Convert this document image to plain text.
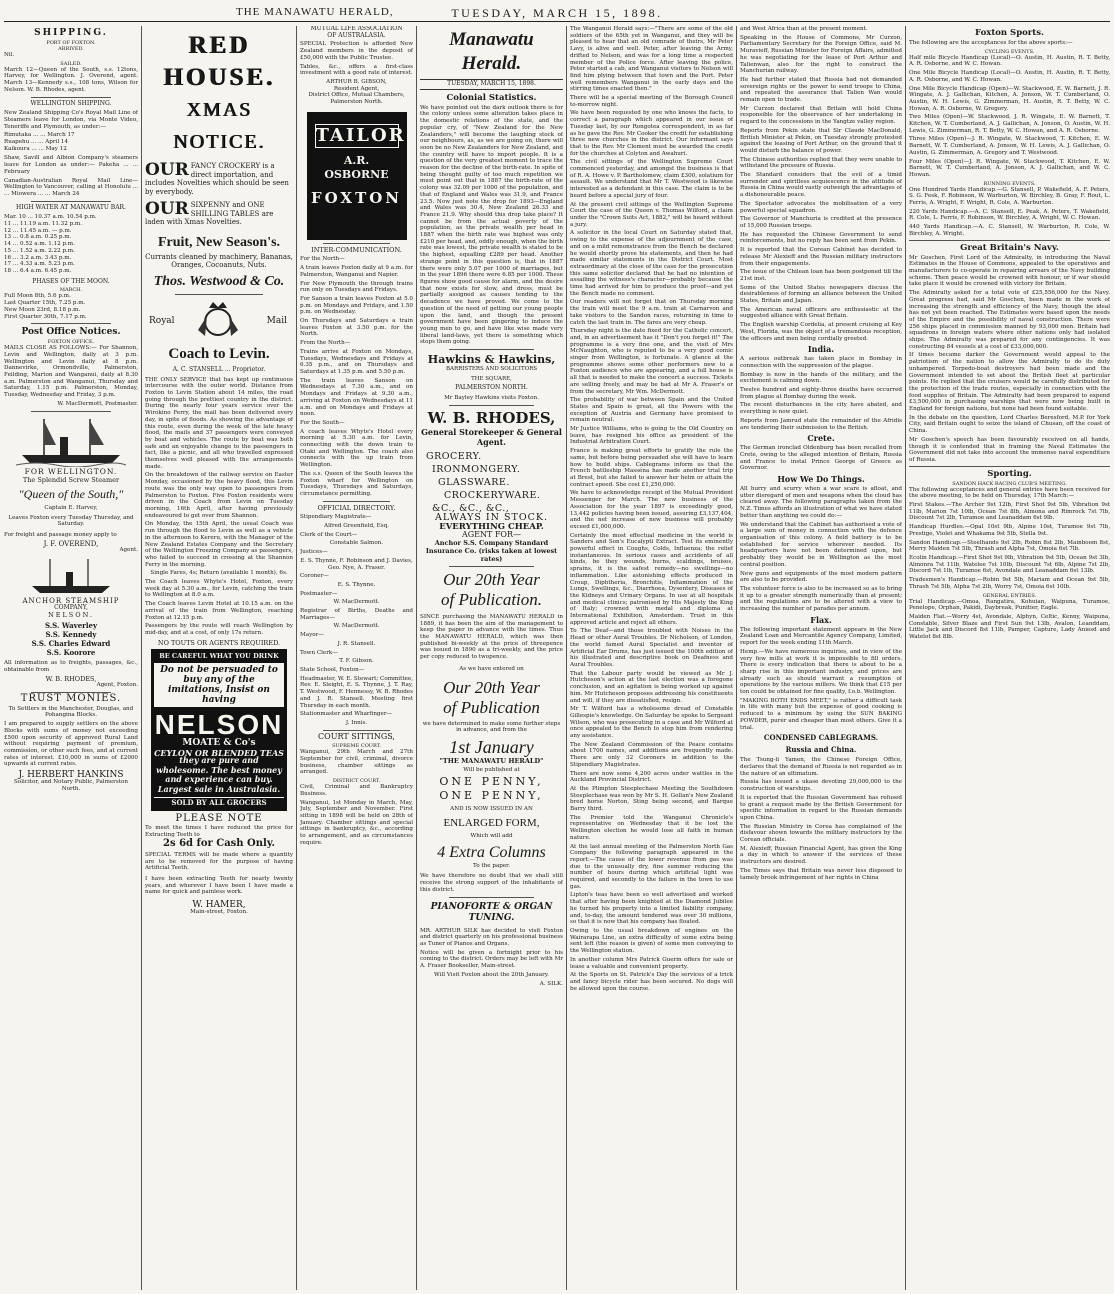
TUESDAY, MARCH 15, 1898.
THE MANAWATU HERALD,
SHIPPING.
PORT OF FOXTON.
ARRIVED.
Nil.
SAILED.
March 12—Queen of the South, s.s. 12tons, Harvey, for Wellington. J. Overend, agent. March 13—Kennedy s.s., 108 tons, Wilson for Nelson. W. B. Rhodes, agent.
WELLINGTON SHIPPING.
New Zealand Shipping Co's Royal Mail Line of Steamers leave for London, via Monte Video, Teneriffe and Plymouth, as under:—
Rimutaka ... ... March 17
Ruapehu ... ... April 14
Kaikoura ... ... May 12
Shaw, Savill and Albion Company's steamers leave for London as under:— Pakeha ... ... February
Canadian-Australian Royal Mail Line—Wellington to Vancouver, calling at Honolulu ... ... Miowera ... ... March 24
HIGH WATER AT MANAWATU BAR.
Mar. 10 ... 10.37 a.m. 10.54 p.m.
11 ... 11.19 a.m. 11.32 p.m.
12 ... 11.45 a.m. — p.m.
13 ... 0.8 a.m. 0.25 p.m.
14 ... 0.52 a.m. 1.12 p.m.
15 ... 1.52 a.m. 2.22 p.m.
16 ... 3.2 a.m. 3.43 p.m.
17 ... 4.33 a.m. 5.23 p.m.
18 ... 6.4 a.m. 6.45 p.m.
PHASES OF THE MOON.
MARCH.
Full Moon 8th, 5.6 p.m.
Last Quarter 15th, 7.25 p.m.
New Moon 23rd, 8.18 p.m.
First Quarter 30th, 7.17 p.m.
Post Office Notices.
FOXTON OFFICE.
MAILS CLOSE AS FOLLOWS:— For Shannon, Levin and Wellington, daily at 3 p.m. Wellington and Levin daily at 8 p.m. Dannevirke, Ormondville, Palmerston, Feilding, Marton and Wanganui, daily at 8.30 a.m. Palmerston and Wanganui, Thursday and Saturday, 1.15 p.m. Palmerston, Monday, Tuesday, Wednesday and Friday, 3 p.m.
W. MacDermott, Postmaster.
FOR WELLINGTON.
The Splendid Screw Steamer
"Queen of the South,"
Captain E. Harvey,
Leaves Foxton every Tuesday Thursday, and Saturday.
For freight and passage money apply to
J. F. OVEREND,
Agent.
ANCHOR STEAMSHIP
COMPANY,
NELSON.
S.S. Waverley
S.S. Kennedy
S.S. Charles Edward
S.S. Koorore
All information as to freights, passages, &c., obtainable from
W. B. RHODES,
Agent, Foxton.
TRUST MONIES.
To Settlers in the Manchester, Douglas, and Pohangina Blocks.
I am prepared to supply settlers on the above Blocks with sums of money not exceeding £500 upon security of approved Rural Land without requiring payment of premium, commission, or other such fees, and at current rates of interest. £10,000 in sums of £2000 upwards at current rates.
J. HERBERT HANKINS
Solicitor, and Notary Public, Palmerston North.
RED HOUSE.
XMAS NOTICE.
OUR FANCY CROCKERY is a direct importation, and includes Novelties which should be seen by everybody.
OUR SIXPENNY and ONE SHILLING TABLES are laden with Xmas Novelties.
Fruit, New Season's.
Currants cleaned by machinery, Bananas, Oranges, Cocoanuts, Nuts.
Thos. Westwood & Co.
Royal	Mail
Coach to Levin.
A. C. STANSELL ... Proprietor.
THE ONLY SERVICE that has kept up continuous intercourse with the outer world. Distance from Foxton to Levin Station about 14 miles, the road going through the prettiest country in the district. During the nearly four years service over the Wirokino Ferry, the mail has been delivered every day, in spite of floods. As showing the advantage of this route, even during the week of the late heavy flood, the mails and 37 passengers were conveyed by boat and vehicles. The route by boat was both safe and an enjoyable change to the passengers in fact, like a picnic, and all who travelled expressed themselves well pleased with the arrangements made.
On the breakdown of the railway service on Easter Monday, occasioned by the heavy flood, this Levin route was the only way open to passengers from Palmerston to Foxton. Five Foxton residents were driven in the Coach from Levin on Tuesday morning, 16th April, after having previously endeavoured to get over from Shannon.
On Monday, the 15th April, the usual Coach was run through the flood to Levin as well as a vehicle in the afternoon to Kereru, with the Manager of the New Zealand Estates Company and the Secretary of the Wellington Freezing Company as passengers, who failed to succeed in crossing at the Shannon Ferry in the morning.
Single Fares, 4s; Return (available 1 month), 6s.
The Coach leaves Whyte's Hotel, Foxton, every week day at 5.30 a.m., for Levin, catching the train to Wellington at 8.0 a.m.
The Coach leaves Levin Hotel at 10.15 a.m. on the arrival of the train from Wellington, reaching Foxton at 12.15 p.m.
Passengers by the route will reach Wellington by mid-day, and at a cost, of only 17s return.
NO TOUTS OR AGENTS REQUIRED.
BE CAREFUL WHAT YOU DRINK
Do not be persuaded to buy any of the imitations, Insist on having
NELSON
MOATE & Co's
CEYLON OR BLENDED TEAS
they are pure and wholesome. The best money and experience can buy. Largest sale in Australasia.
SOLD BY ALL GROCERS
PLEASE NOTE
To meet the times I have reduced the price for Extracting Teeth to
2s 6d for Cash Only.
SPECIAL TERMS will be made where a quantity are to be removed for the purpose of having Artificial Teeth.
I have been extracting Teeth for nearly twenty years, and wherever I have been I have made a name for quick and painless work.
W. HAMER,
Main-street, Foxton.
MUTUAL LIFE ASSOCIATION
OF AUSTRALASIA.
SPECIAL Protection is afforded New Zealand members in the deposit of £50,000 with the Public Trustee.
Tables, &c., offers a first-class investment with a good rate of interest.
ARTHUR B. GIBSON,
Resident Agent,
District Office, Mutual Chambers, Palmerston North.
TAILOR
A.R. OSBORNE
FOXTON
INTER-COMMUNICATION.
For the North—
A train leaves Foxton daily at 9 a.m. for Palmerston, Wanganui and Napier.
For New Plymouth the through trains run only on Tuesdays and Fridays.
For Sanson a train leaves Foxton at 5.0 p.m. on Mondays and Fridays, and 1.50 p.m. on Wednesday.
On Thursdays and Saturdays a train leaves Foxton at 3.50 p.m. for the North.
From the North—
Trains arrive at Foxton on Mondays, Tuesdays, Wednesdays and Fridays at 6.35 p.m., and on Thursdays and Saturdays at 1.35 p.m. and 5.50 p.m.
The train leaves Sanson on Wednesdays at 7.30 a.m., and on Mondays and Fridays at 9.30 a.m., arriving at Foxton on Wednesdays at 11 a.m. and on Mondays and Fridays at noon.
For the South—
A coach leaves Whyte's Hotel every morning at 5.30 a.m. for Levin, connecting with the down train to Otaki and Wellington. The coach also connects with the up train from Wellington.
The s.s. Queen of the South leaves the Foxton wharf for Wellington on Tuesdays, Thursdays and Saturdays, circumstance permitting.
OFFICIAL DIRECTORY.
Stipendiary Magistrate—
Alfred Greenfield, Esq.
Clerk of the Court—
Constable Salmon.
Justices—
E. S. Thynne, F. Robinson and J. Davies, Geo. Nye, A. Fraser.
Coroner—
E. S. Thynne.
Postmaster—
W. MacDermott.
Registrar of Births, Deaths and Marriages—
W. MacDermott.
Mayor—
J. R. Stansell.
Town Clerk—
T. F. Gibson.
State School, Foxton—
Headmaster, W. E. Stewart; Committee, Rev. E. Sleight, E. S. Thynne, J. T. Ray, T. Westwood, F. Hennessy, W. B. Rhodes and J. R. Stansell. Meeting first Thursday in each month.
Stationmaster and Wharfinger—
J. Innis.
COURT SITTINGS,
SUPREME COURT.
Wanganui, 29th March and 27th September for civil, criminal, divorce business, chamber sittings as arranged.
DISTRICT COURT.
Civil, Criminal and Bankruptcy Business.
Wanganui, 1st Monday in March, May, July, September and November. First sitting in 1898 will be held on 28th of January. Chamber sittings and special sittings in bankruptcy, &c., according to arrangement, and as circumstances require.
Manawatu Herald.
TUESDAY, MARCH 15, 1898.
Colonial Statistics.
We have pointed out the dark outlook there is for the colony unless some alteration takes place in the domestic relations of the state, and the popular cry, of "New Zealand for the New Zealanders," will become the laughing stock of our neighbours, as, as we are going on, there will soon be no New Zealanders for New Zealand, and the country will have to import people. It is a question of the very greatest moment to trace the reason for the decline of the birth-rate. In spite of being thought guilty of too much repetition we must point out that in 1887 the birth-rate of the colony was 32.09 per 1000 of the population, and that of England and Wales was 31.9, and France 23.5. Now just note the drop for 1893—England and Wales was 30.4, New Zealand 26.33 and France 21.9. Why should this drop take place? It cannot be from the actual poverty of the population, as the private wealth per head in 1887 when the birth rate was highest was only £210 per head, and, oddly enough, when the birth rate was lowest, the private wealth is stated to be the highest, equalling £289 per head. Another strange point in this question is, that in 1887 there were only 5.07 per 1000 of marriages, but in the year 1896 there were 6.85 per 1000. These figures show good cause for alarm, and the desire that now exists for slow, and dress, must be partially assigned as causes tending to the decadence we have proved. We come to the question of the need of getting our young people upon the land, and though the present government have been gingering to induce the young men to go, and have like wise made very liberal land-laws, yet there is something which stops them going.
Hawkins & Hawkins,
BARRISTERS AND SOLICITORS
THE SQUARE,
PALMERSTON NORTH.
Mr Bayley Hawkins visits Foxton.
W. B. RHODES,
General Storekeeper & General Agent.
GROCERY.
IRONMONGERY.
GLASSWARE.
CROCKERYWARE.
&C., &C., &C.,
ALWAYS IN STOCK.
EVERYTHING CHEAP.
AGENT FOR—
Anchor S.S. Company Standard Insurance Co. (risks taken at lowest rates)
Our 20th Year
of Publication.
SINCE purchasing the MANAWATU HERALD in 1889, it has been the aim of the management to keep the paper in advance with the times. Thus the MANAWATU HERALD, which was then published bi-weekly at the price of threepence was issued in 1890 as a tri-weekly, and the price per copy reduced to twopence.
As we have entered on
Our 20th Year
of Publication
we have determined to make some further steps in advance, and from the
1st January
"THE MANAWATU HERALD"
Will be published at
ONE PENNY,
ONE PENNY,
AND IS NOW ISSUED IN AN
ENLARGED FORM,
Which will add
4 Extra Columns
To the paper.
We have therefore no doubt that we shall still receive the strong support of the inhabitants of this district.
PIANOFORTE & ORGAN TUNING.
MR. ARTHUR SILK has decided to visit Foxton and district quarterly on his professional business as Tuner of Pianos and Organs.
Notice will be given a fortnight prior to his coming to the district. Orders may be left with Mr A. Fraser Bookseller, Main-street.
Will Visit Foxton about the 20th January.
A. SILK.
The Wanganui Herald says:—"There are some of the old soldiers of the 65th yet in Wanganui, and they will be pleased to hear that an old comrade of theirs, Mr Peter Lavy, is alive and well. Peter, after leaving the Army, drifted to Nelson, and was for a long time a respected member of the Police force. After leaving the police, Peter started a cab, and Wanganui visitors to Nelson will find him plying between that town and the Port. Peter well remembers Wanganui in the early days and the stirring times enacted then."
There will be a special meeting of the Borough Council to-morrow night.
We have been requested by one who knows the facts, to correct a paragraph which appeared in our issue of Tuesday last, by our Rongotea correspondent, in as far as he gave the Rev. Mr Cooker the credit for establishing three new churches in the district. Our informant says that to the Rev. Mr Clement must be awarded the credit for the churches at Colyton and Awahuri.
The civil sittings of the Wellington Supreme Court commenced yesterday, and amongst the business is that of R. A. Howe v. P. Bartholomew, claim £300, solatium for assault. We understand that Mr T. Westwood is likewise interested as a defendant in this case. The claim is to be heard before a special jury of four.
At the present civil sittings of the Wellington Supreme Court the case of the Queen v. Thomas Wilford, a claim under the "Crown Suits Act, 1882," will be heard without a jury.
A solicitor in the local Court on Saturday stated that, owing to the expense of the adjournment of the case, and on a mild remonstrance from the Bench he declared he would shortly prove his statements, and then he had made similar statements in the District Court. Most extraordinary at the close of the case for the prosecution this same solicitor declared that he had no intention of assailing the witness's character—probably because the time had arrived for him to produce the proof—and yet the Bench made no comment.
Our readers will not forget that on Thursday morning the train will meet the 9 a.m. train at Carnarvon and take visitors to the Sandon races, returning in time to catch the last train in. The fares are very cheap.
Thursday night is the date fixed for the Catholic concert, and, in an advertisement has it "Don't you forget it!" The programme is a very fine one, and the visit of Mrs McNaughton, who is reputed to be a very good comic singer from Wellington, is fortunate. A glance at the programme shows some other performers new to a Foxton audience who are appearing, and a full house is all that is needed to make the concert a success. Tickets are selling freely, and may be had at Mr A. Fraser's or from the secretary, Mr Wm. McDermott.
The probability of war between Spain and the United States and Spain is great, all the Powers with the exception of Austria and Germany have promised to remain neutral.
Mr Justice Williams, who is going to the Old Country on leave, has resigned his office as president of the Industrial Arbitration Court.
France is making great efforts to gratify the rule the same, but before being persuaded she will have to learn how to build ships. Cablegrams inform us that the French battleship Masséna has made another trial trip at Brest, but she failed to answer her helm or attain the contract speed. She cost £1,250,000.
We have to acknowledge receipt of the Mutual Provident Messenger for March. The new business of the Association for the year 1897 is exceedingly good, 13,442 policies having been issued, assuring £3,137,404, and the net increase of new business will probably exceed £1,000,000.
Certainly the most effectual medicine in the world is Sanders and Son's Eucalypti Extract. Test its eminently powerful effect in Coughs, Colds, Influenza; the relief instantaneous. In serious cases and accidents of all kinds, be they wounds, burns, scaldings, bruises, sprains, it is the safest remedy—no swellings—no inflammation. Like astonishing effects produced in Croup, Diphtheria, Bronchitis, Inflammation of the Lungs, Swellings, &c., Diarrhoea, Dysentery, Diseases of the Kidneys and Urinary Organs. In use at all hospitals and medical clinics; patronised by His Majesty the King of Italy; crowned with medal and diploma at International Exhibition, Amsterdam. Trust in this approved article and reject all others.
To The Deaf—and those troubled with Noises in the Head or other Aural Troubles. Dr Nicholson, of London, the world famed Aural Specialist and inventor of Artificial Ear Drums, has just issued the 100th edition of his illustrated and descriptive book on Deafness and Aural Troubles.
That the Labour party would be viewed as Mr J. Hutcheson's action at the last election was a foregone conclusion, and an agitation is being worked up against him. Mr Hutcheson proposes addressing his constituents and will, if they are dissatisfied, resign.
Mr T. Wilford has a wholesome dread of Constable Gillespie's knowledge. On Saturday he spoke to Sergeant Wilson, who was prosecuting in a case and Mr Wilford at once appealed to the Bench to stop him from rendering any assistance.
The New Zealand Commission of the Peace contains about 1700 names, and additions are frequently made. There are only 32 Coroners in addition to the Stipendiary Magistrates.
There are now some 4,200 acres under wattles in the Auckland Provincial District.
At the Plimpton Steeplechase Meeting the Southdown Steeplechase was won by Mr S. H. Gollan's New Zealand bred horse Norton, Sting being second, and Barque Barry third.
The Premier told the Wanganui Chronicle's representative on Wednesday that it be lost the Wellington election he would lose all faith in human nature.
At the last annual meeting of the Palmerston North Gas Company the following paragraph appeared in the report:—The cause of the lower revenue from gas was due to the unusually dry, fine summer reducing the number of hours during which artificial light was required, and secondly to the failure in the town to use gas.
Lipton's teas have been so well advertised and worked that after having been knighted at the Diamond Jubilee he turned his property into a limited liability company, and, to-day, the amount tendered was over 30 millions, so that it is now that his company has floated.
Owing to the usual breakdown of engines on the Wairarapa Line, an extra difficulty of some extra being sent left (the reason is given) of some men conveying to the Wellington station.
In another column Mrs Patrick Guerin offers for sale or lease a valuable and convenient property.
At the Sports on St. Patrick's Day the services of a trick and fancy bicycle rider has been secured. No dogs will be allowed upon the course.
and West Africa than at the present moment.
Speaking in the House of Commons, Mr Curzon, Parliamentary Secretary for the Foreign Office, said M. Muravieff, Russian Minister for Foreign Affairs, admitted he was negotiating for the lease of Port Arthur and Talienwan, also for the right to construct the Manchurian railway.
He had further stated that Russia had not demanded sovereign rights or the power to send troops to China, and repeated the assurance that Talien Wan would remain open to trade.
Mr Curzon declared that Britain will hold China responsible for the observance of her undertaking in regard to the concessions in the Yangtze valley region.
Reports from Pekin state that Sir Claude MacDonald, British Minister at Pekin, on Tuesday strongly protested against the leasing of Port Arthur, on the ground that it would disturb the balance of power.
The Chinese authorities replied that they were unable to withstand the pressure of Russia.
The Standard considers that the evil of a timid surrender and spiritless acquiescence in the attitude of Russia in China would vastly outweigh the advantages of a dishonourable peace.
The Spectator advocates the mobilisation of a very powerful special squadron.
The Governor of Manchuria is credited at the presence of 15,000 Russian troops.
He has requested the Chinese Government to send reinforcements, but no reply has been sent from Pekin.
It is reported that the Corean Cabinet has decided to release Mr Alexieff and the Russian military instructors from their engagements.
The issue of the Chilean loan has been postponed till the 21st inst.
Some of the United States newspapers discuss the desirableness of forming an alliance between the United States, Britain and Japan.
The American naval officers are enthusiastic at the suggested alliance with Great Britain.
The English warship Cordelia, at present cruising at Key West, Florida, was the object of a tremendous reception, the officers and men being cordially greeted.
India.
A serious outbreak has taken place in Bombay in connection with the suppression of the plague.
Bombay is now in the hands of the military, and the excitement is calming down.
Twelve hundred and eighty-three deaths have occurred from plague at Bombay during the week.
The recent disturbances in the city have abated, and everything is now quiet.
Reports from Jamrud state the remainder of the Afridis are tendering their submission to the British.
Crete.
The German ironclad Oldenburg has been recalled from Crete, owing to the alleged intention of Britain, Russia and France to instal Prince George of Greece as Governor.
How We Do Things.
All hurry and scurry when a war scare is afloat, and utter disregard of men and weapons when the cloud has cleared away. The following paragraphs taken from the N.Z. Times affords an illustration of what we have stated better than anything we could do:—
We understand that the Cabinet has authorised a vote of a large sum of money in connection with the defence organisation of this colony. A field battery is to be established for service wherever needed. Its headquarters have not been determined upon, but probably they would be in Wellington as the most central position.
New guns and equipments of the most modern pattern are also to be provided.
The volunteer force is also to be increased so as to bring it up to a greater strength numerically than at present; and the regulations are to be altered with a view to increasing the number of parades per annum.
Flax.
The following important statement appears in the New Zealand Loan and Mercantile Agency Company, Limited, report for the week ending 11th March.
Hemp.—We have numerous inquiries, and in view of the very few mills at work it is impossible to fill orders. There is every indication that there is about to be a sharp rise in this important industry, and prices are already such as should warrant a resumption of operations by the various millers. We think that £15 per ton could be obtained for fine quality, f.o.b. Wellington.
"MAKING BOTH ENDS MEET," is rather a difficult task in life with many but the expense of good cooking is reduced to a minimum by using the SUN BAKING POWDER, purer and cheaper than most others. Give it a trial.
CONDENSED CABLEGRAMS.
Russia and China.
The Tsung-li Yamen, the Chinese Foreign Office, declares that the demand of Russia is not regarded as in the nature of an ultimatum.
Russia has issued a ukase devoting 29,000,000 to the construction of warships.
It is reported that the Russian Government has refused to grant a request made by the British Government for specific information in regard to the Russian demands upon China.
The Russian Ministry in Corea has complained of the disfavour shown towards the military instructors by the Corean officials.
M. Alexieff, Russian Financial Agent, has given the King a day in which to answer if the services of these instructors are desired.
The Times says that Britain was never less disposed to tamely brook infringement of her rights in China
Foxton Sports.
The following are the acceptances for the above sports:—
CYCLING EVENTS.
Half mile Bicycle Handicap (Local)—O. Austin, H. Austin, R. T. Betty, A. R. Osborne, and W. C. Howan.
One Mile Bicycle Handicap (Local)—O. Austin, H. Austin, R. T. Betty, A. R. Osborne, and W. C. Howan.
One Mile Bicycle Handicap (Open)—W. Stackwood, E. W. Barnett, J. R. Wingate, A. J. Gallichan, Kitchen, A. Jonson, W. T. Cumberland, O. Austin, W. H. Lewis, G. Zimmerman, H. Austin, R. T. Betty, W. C. Howan, A. R. Osborne, W. Gregory.
Two Miles (Open)—W. Stackwood, J. R. Wingate, E. W. Barnett, T. Kitchen, W. T. Cumberland, A. J. Gallichan, A. Jonson, O. Austin, W. H. Lewis, G. Zimmerman, R. T. Betty, W. C. Howan, and A. R. Osborne.
Three Miles (Open)—J. R. Wingate, W. Stackwood, T. Kitchen, E. W. Barnett, W. T. Cumberland, A. Jonson, W. H. Lewis, A. J. Gallichan, O. Austin, G. Zimmerman, A. Gregory and T. Westwood.
Four Miles (Open)—J. R. Wingate, W. Stackwood, T. Kitchen, E. W. Barnett, W. T. Cumberland, A. Jonson, A. J. Gallichan, and W. C. Howan.
RUNNING EVENTS.
One Hundred Yards Handicap.—G. Stansell, P. Wakefield, A. F. Peters, S. G. Fesk, F. Robinson, W. Warburton, W. Birchley, B. Gray, F. Rout, L. Ferris, A. Wright, F. Wright, R. Cole, A. Warburton.
220 Yards Handicap.—A. C. Stansell, E. Peak, A. Peters, T. Wakefield, R. Cole, L. Ferris, F. Robinson, W. Birchley, A. Wright, W. C. Howan.
440 Yards Handicap.—A. C. Stansell, W. Warburton, R. Cole, W. Birchley, A. Wright.
Great Britain's Navy.
Mr Goschen, First Lord of the Admiralty, in introducing the Naval Estimates in the House of Commons, appealed to the operatives and manufacturers to co-operate in repairing arrears of the Navy building scheme. Then peace would be crowned with honour, or if war should take place it would be crowned with victory for Britain.
The Admiralty asked for a total vote of £25,556,000 for the Navy. Great progress had, said Mr Goschen, been made in the work of increasing the strength and efficiency of the Navy, though the ideal has not yet been reached. The Estimates were based upon the needs of the Empire and the possibility of naval construction. There were 256 ships placed in commission manned by 93,000 men. Britain had squadrons in foreign waters where other nations only had isolated ships. The Admiralty was prepared for any contingencies. It was constructing 84 vessels at a cost of £33,000,000.
If times became darker the Government would appeal to the patriotism of the nation to allow the Admiralty to do its duty unhampered. Torpedo-boat destroyers had been made and the Government intended to set about the British fleet at particular points. He replied that the cruisers would be carefully distributed for the protection of the trade routes, especially in connection with the food supplies of Britain. The Admiralty had been prepared to expend £3,500,000 in purchasing warships that were now being built in England for foreign nations, but none had been found suitable.
In the debate on the question, Lord Charles Beresford, M.P. for York City, said Britain ought to seize the island of Chusan, off the coast of China.
Mr Goschen's speech has been favourably received on all hands, though it is contended that in framing the Naval Estimates the Government did not take into account the immense naval expenditure of Russia.
Sporting.
SANDON HACK RACING CLUB'S MEETING.
The following acceptances and general entries have been received for the above meeting, to be held on Thursday, 17th March:—
First Stakes.—The Archer 9st 12lb, First Shot 9st 5lb, Vibration 9st 11lb, Marion 7st 10lb, Ocean 7st 8lb, Almona and Rimrock 7st 7lb, Discount 7st 2lb, Turamoe and Leanaddam 6st 9lb.
Handicap Hurdles.—Opal 10st 9lb, Alpine 10st, Turamoe 9st 7lb, Prestige, Violet and Whakama 9st 5lb, Stella 9st.
Sandon Handicap.—Steelhands 9st 2lb, Robin 8st 2lb, Mainboom 8st, Merry Maiden 7st 5lb, Thrash and Alpha 7st, Omoia 6st 7lb.
Ecolin Handicap.—First Shot 9st 9lb, Vibration 9st 5lb, Ocean 9st 3lb, Almonra 7st 11lb, Watelee 7st 10lb, Discount 7st 6lb, Alpine 7st 2lb, Discord 7st 1lb, Turamoe 6st, Avondale and Leanaddam 6st 13lb.
Tradesmen's Handicap.—Robin 9st 5lb, Mariam and Ocean 9st 5lb, Thrash 7st 5lb, Alpha 7st 2lb, Worry 7st, Omoia 6st 10lb.
GENERAL ENTRIES.
Trial Handicap.—Omoa, Rangatira, Kohuian, Waipuna, Turamoe, Penelope, Orphan, Pakidi, Daybreak, Punitier, Eagle.
Maiden Flat.—Worry 4st, Avondale, Alphyn, Celtic, Kenny, Waipuna, Constable, Silver Blaze and First Sun 9st 13lb, Avalon, Leanddam, Little Jack and Discord 8st 11lb, Pamper, Capture, Lady Aniesd and Watelot 8st 8lb.
